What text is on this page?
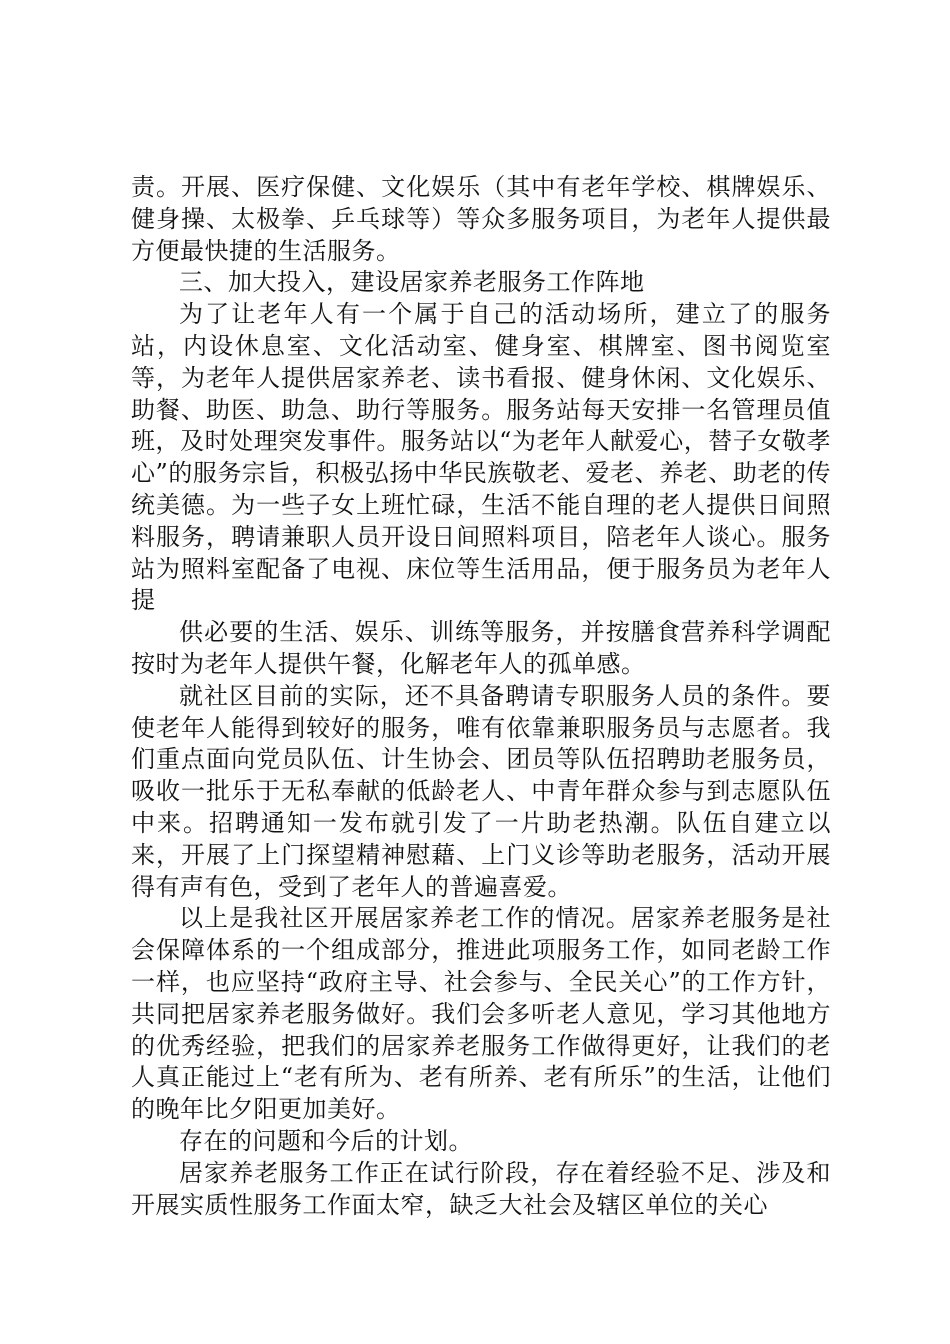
责。开展、医疗保健、文化娱乐（其中有老年学校、棋牌娱乐、健身操、太极拳、乒乓球等）等众多服务项目，为老年人提供最方便最快捷的生活服务。

三、加大投入，建设居家养老服务工作阵地

为了让老年人有一个属于自己的活动场所，建立了的服务站，内设休息室、文化活动室、健身室、棋牌室、图书阅览室等，为老年人提供居家养老、读书看报、健身休闲、文化娱乐、助餐、助医、助急、助行等服务。服务站每天安排一名管理员值班，及时处理突发事件。服务站以“为老年人献爱心，替子女敬孝心”的服务宗旨，积极弘扬中华民族敬老、爱老、养老、助老的传统美德。为一些子女上班忙碌，生活不能自理的老人提供日间照料服务，聘请兼职人员开设日间照料项目，陪老年人谈心。服务站为照料室配备了电视、床位等生活用品，便于服务员为老年人提

供必要的生活、娱乐、训练等服务，并按膳食营养科学调配按时为老年人提供午餐，化解老年人的孤单感。

就社区目前的实际，还不具备聘请专职服务人员的条件。要使老年人能得到较好的服务，唯有依靠兼职服务员与志愿者。我们重点面向党员队伍、计生协会、团员等队伍招聘助老服务员，吸收一批乐于无私奉献的低龄老人、中青年群众参与到志愿队伍中来。招聘通知一发布就引发了一片助老热潮。队伍自建立以来，开展了上门探望精神慰藉、上门义诊等助老服务，活动开展得有声有色，受到了老年人的普遍喜爱。

以上是我社区开展居家养老工作的情况。居家养老服务是社会保障体系的一个组成部分，推进此项服务工作，如同老龄工作一样，也应坚持“政府主导、社会参与、全民关心”的工作方针，共同把居家养老服务做好。我们会多听老人意见，学习其他地方的优秀经验，把我们的居家养老服务工作做得更好，让我们的老人真正能过上“老有所为、老有所养、老有所乐”的生活，让他们的晚年比夕阳更加美好。

存在的问题和今后的计划。

居家养老服务工作正在试行阶段，存在着经验不足、涉及和开展实质性服务工作面太窄，缺乏大社会及辖区单位的关心
